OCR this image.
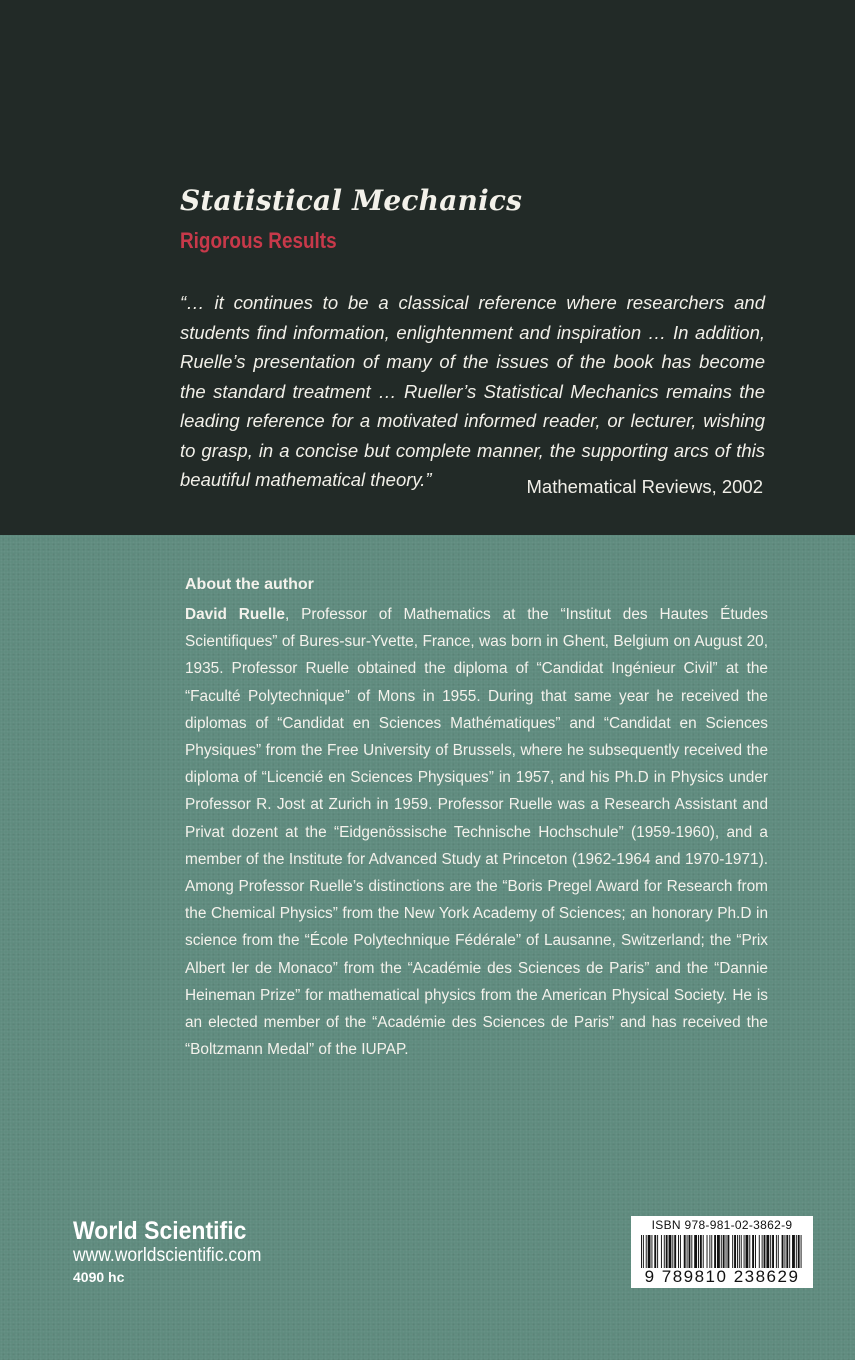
Statistical Mechanics
Rigorous Results

“… it continues to be a classical reference where researchers and students find information, enlightenment and inspiration … In addition, Ruelle’s presentation of many of the issues of the book has become the standard treatment … Rueller’s Statistical Mechanics remains the leading reference for a motivated informed reader, or lecturer, wishing to grasp, in a concise but complete manner, the supporting arcs of this beautiful mathematical theory.”	Mathematical Reviews, 2002
About the author

David Ruelle, Professor of Mathematics at the “Institut des Hautes Études Scientifiques” of Bures-sur-Yvette, France, was born in Ghent, Belgium on August 20, 1935. Professor Ruelle obtained the diploma of “Candidat Ingénieur Civil” at the “Faculté Polytechnique” of Mons in 1955. During that same year he received the diplomas of “Candidat en Sciences Mathématiques” and “Candidat en Sciences Physiques” from the Free University of Brussels, where he subsequently received the diploma of “Licencié en Sciences Physiques” in 1957, and his Ph.D in Physics under Professor R. Jost at Zurich in 1959. Professor Ruelle was a Research Assistant and Privat dozent at the “Eidgenössische Technische Hochschule” (1959-1960), and a member of the Institute for Advanced Study at Princeton (1962-1964 and 1970-1971). Among Professor Ruelle’s distinctions are the “Boris Pregel Award for Research from the Chemical Physics” from the New York Academy of Sciences; an honorary Ph.D in science from the “École Polytechnique Fédérale” of Lausanne, Switzerland; the “Prix Albert Ier de Monaco” from the “Académie des Sciences de Paris” and the “Dannie Heineman Prize” for mathematical physics from the American Physical Society. He is an elected member of the “Académie des Sciences de Paris” and has received the “Boltzmann Medal” of the IUPAP.

World Scientific
www.worldscientific.com
4090 hc
ISBN 978-981-02-3862-9
9 789810 238629
